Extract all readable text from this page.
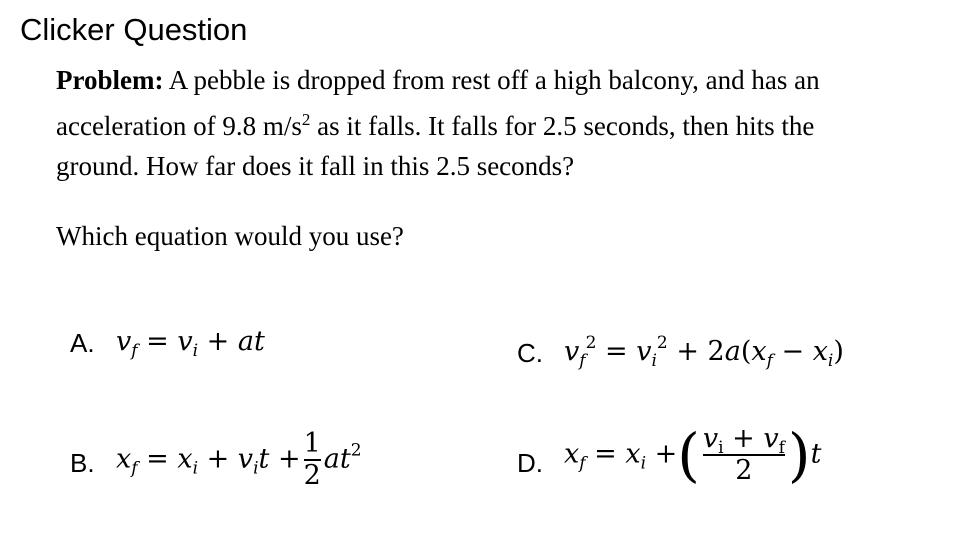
Clicker Question
Problem: A pebble is dropped from rest off a high balcony, and has an acceleration of 9.8 $m/s^2$ as it falls. It falls for 2.5 seconds, then hits the ground. How far does it fall in this 2.5 seconds?
Which equation would you use?
A. $v_f = v_i$ + at
B. $x_f = x_i + v_it + \frac{1}{2} at^2$
C. $v_f^2 = v_i^2 + 2a(x_f - x_i)$
D. $x_f = x_i$ +( $\frac{v_i + v_f}{2} )t$
